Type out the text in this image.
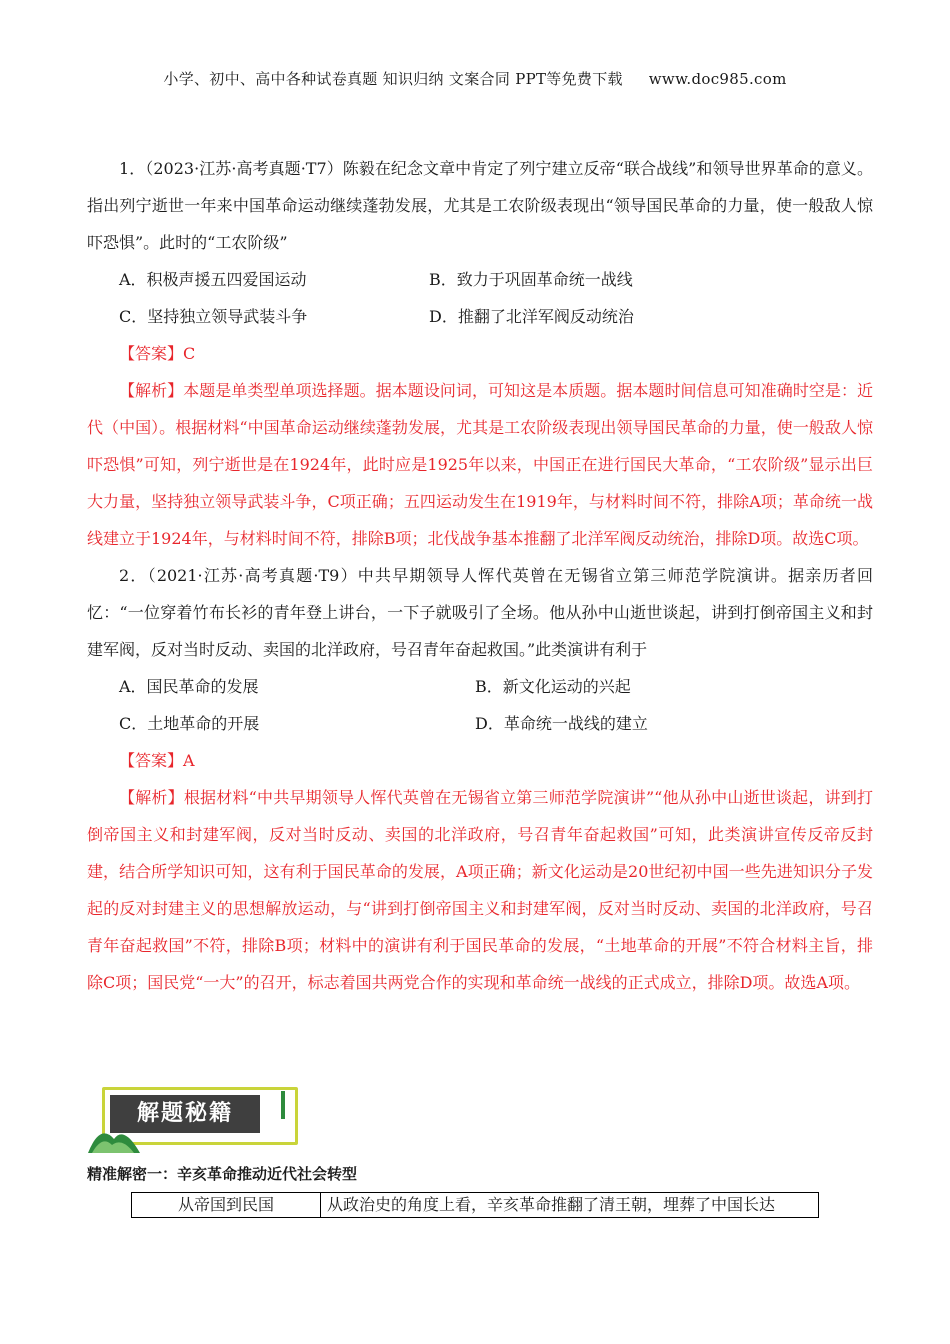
小学、初中、高中各种试卷真题 知识归纳 文案合同 PPT等免费下载 www.doc985.com

1．（2023·江苏·高考真题·T7）陈毅在纪念文章中肯定了列宁建立反帝“联合战线”和领导世界革命的意义。指出列宁逝世一年来中国革命运动继续蓬勃发展，尤其是工农阶级表现出“领导国民革命的力量，使一般敌人惊吓恐惧”。此时的“工农阶级”

A．积极声援五四爱国运动	B．致力于巩固革命统一战线
C．坚持独立领导武装斗争	D．推翻了北洋军阀反动统治
【答案】C

【解析】本题是单类型单项选择题。据本题设问词，可知这是本质题。据本题时间信息可知准确时空是：近代（中国）。根据材料“中国革命运动继续蓬勃发展，尤其是工农阶级表现出领导国民革命的力量，使一般敌人惊吓恐惧”可知，列宁逝世是在1924年，此时应是1925年以来，中国正在进行国民大革命，“工农阶级”显示出巨大力量，坚持独立领导武装斗争，C项正确；五四运动发生在1919年，与材料时间不符，排除A项；革命统一战线建立于1924年，与材料时间不符，排除B项；北伐战争基本推翻了北洋军阀反动统治，排除D项。故选C项。

2．（2021·江苏·高考真题·T9）中共早期领导人恽代英曾在无锡省立第三师范学院演讲。据亲历者回忆：“一位穿着竹布长衫的青年登上讲台，一下子就吸引了全场。他从孙中山逝世谈起，讲到打倒帝国主义和封建军阀，反对当时反动、卖国的北洋政府，号召青年奋起救国。”此类演讲有利于

A．国民革命的发展	B．新文化运动的兴起
C．土地革命的开展	D．革命统一战线的建立
【答案】A

【解析】根据材料“中共早期领导人恽代英曾在无锡省立第三师范学院演讲”“他从孙中山逝世谈起，讲到打倒帝国主义和封建军阀，反对当时反动、卖国的北洋政府，号召青年奋起救国”可知，此类演讲宣传反帝反封建，结合所学知识可知，这有利于国民革命的发展，A项正确；新文化运动是20世纪初中国一些先进知识分子发起的反对封建主义的思想解放运动，与“讲到打倒帝国主义和封建军阀，反对当时反动、卖国的北洋政府，号召青年奋起救国”不符，排除B项；材料中的演讲有利于国民革命的发展，“土地革命的开展”不符合材料主旨，排除C项；国民党“一大”的召开，标志着国共两党合作的实现和革命统一战线的正式成立，排除D项。故选A项。

解题秘籍
精准解密一：辛亥革命推动近代社会转型
从帝国到民国	从政治史的角度上看，辛亥革命推翻了清王朝，埋葬了中国长达
